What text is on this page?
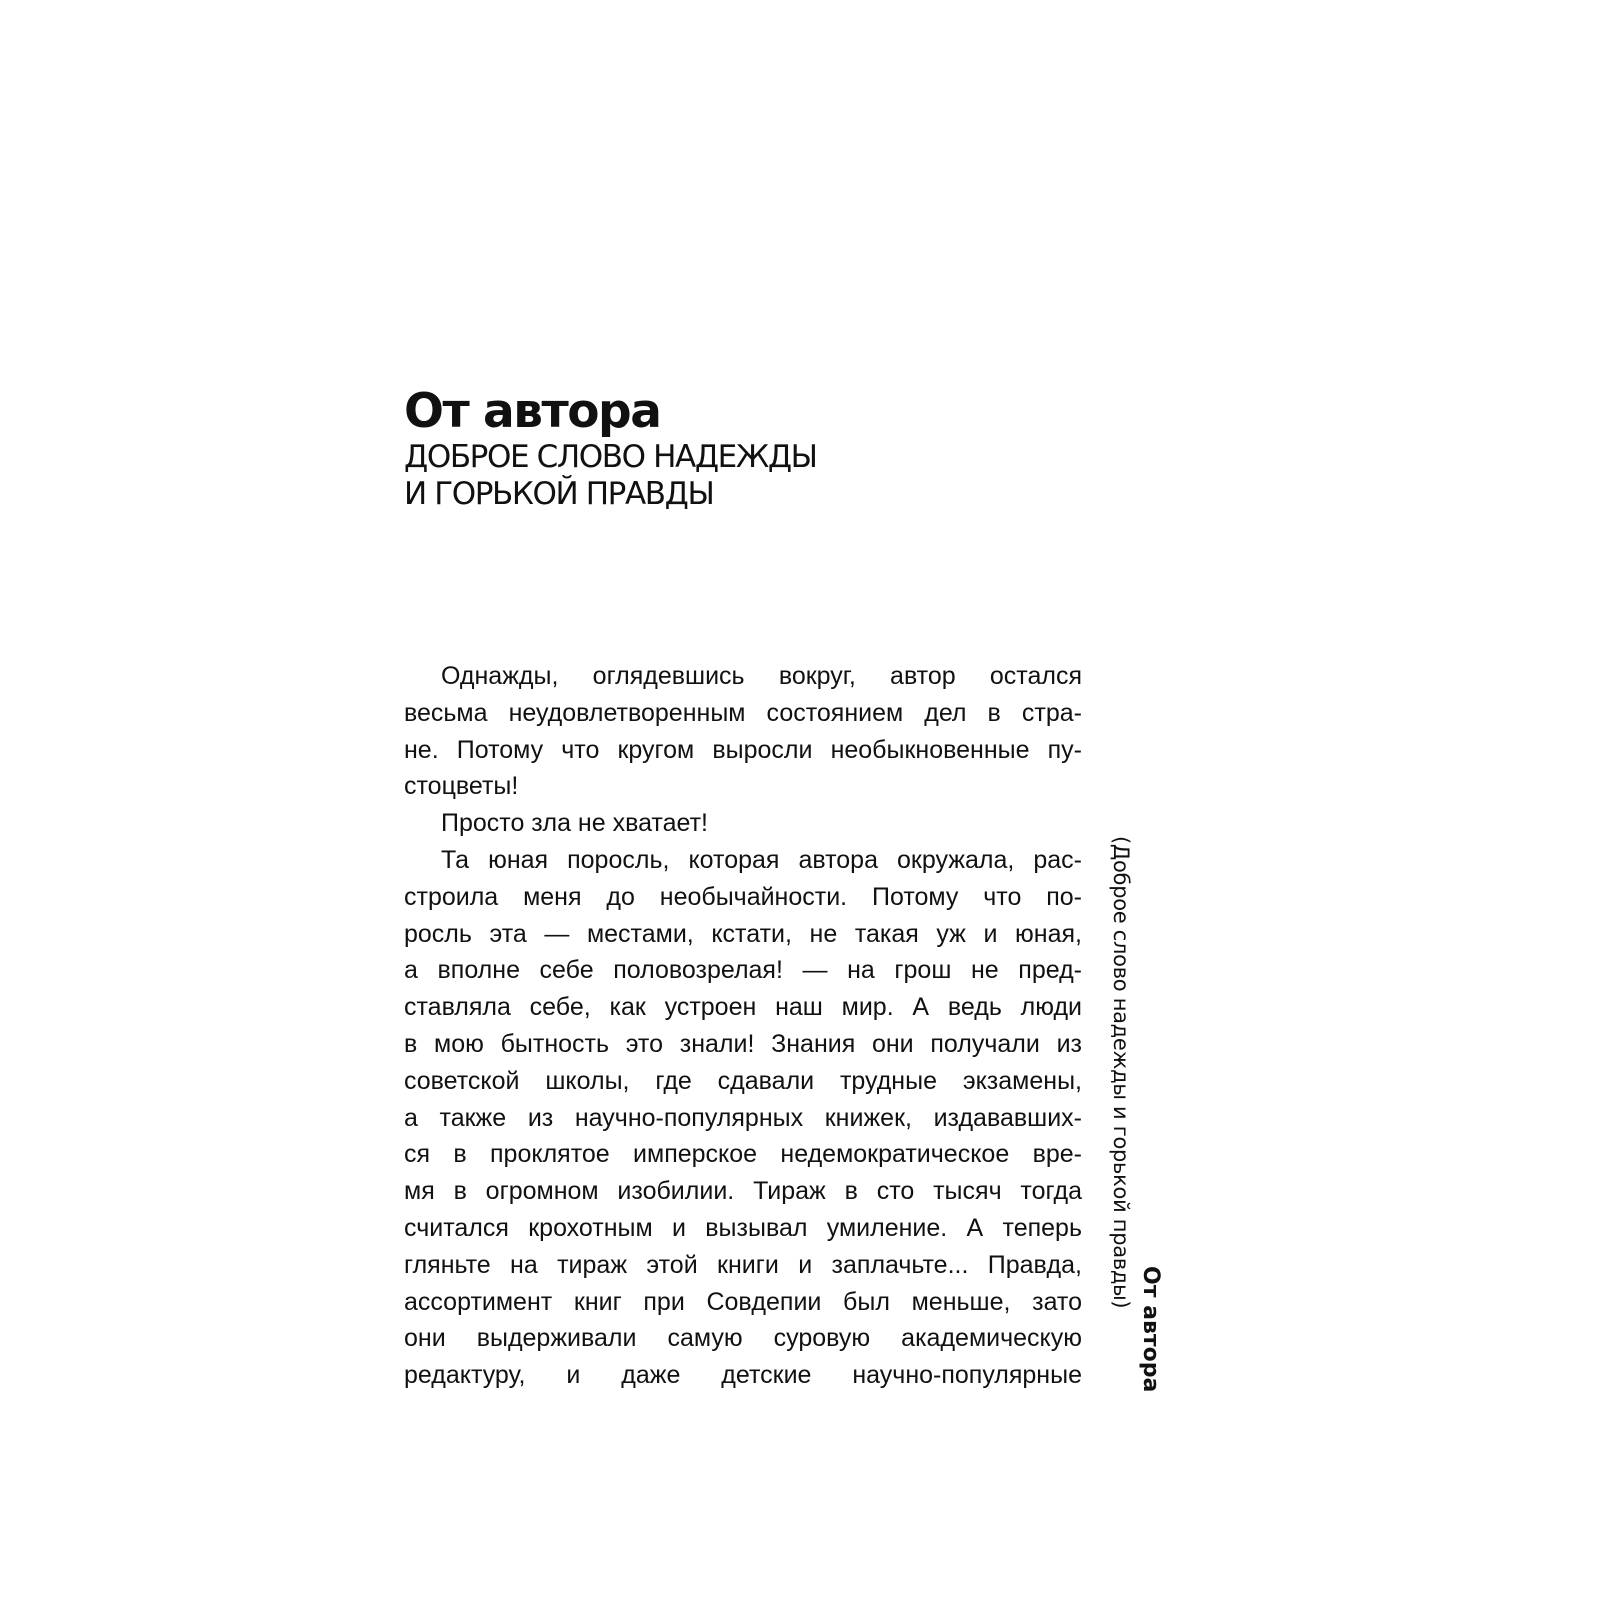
От автора

ДОБРОЕ СЛОВО НАДЕЖДЫ
И ГОРЬКОЙ ПРАВДЫ

Однажды, оглядевшись вокруг, автор остался
весьма неудовлетворенным состоянием дел в стра-
не. Потому что кругом выросли необыкновенные пу-
стоцветы!
Просто зла не хватает!
Та юная поросль, которая автора окружала, рас-
строила меня до необычайности. Потому что по-
росль эта — местами, кстати, не такая уж и юная,
а вполне себе половозрелая! — на грош не пред-
ставляла себе, как устроен наш мир. А ведь люди
в мою бытность это знали! Знания они получали из
советской школы, где сдавали трудные экзамены,
а также из научно-популярных книжек, издававших-
ся в проклятое имперское недемократическое вре-
мя в огромном изобилии. Тираж в сто тысяч тогда
считался крохотным и вызывал умиление. А теперь
гляньте на тираж этой книги и заплачьте... Правда,
ассортимент книг при Совдепии был меньше, зато
они выдерживали самую суровую академическую
редактуру, и даже детские научно-популярные	От автора
(Доброе слово надежды и горькой правды)
